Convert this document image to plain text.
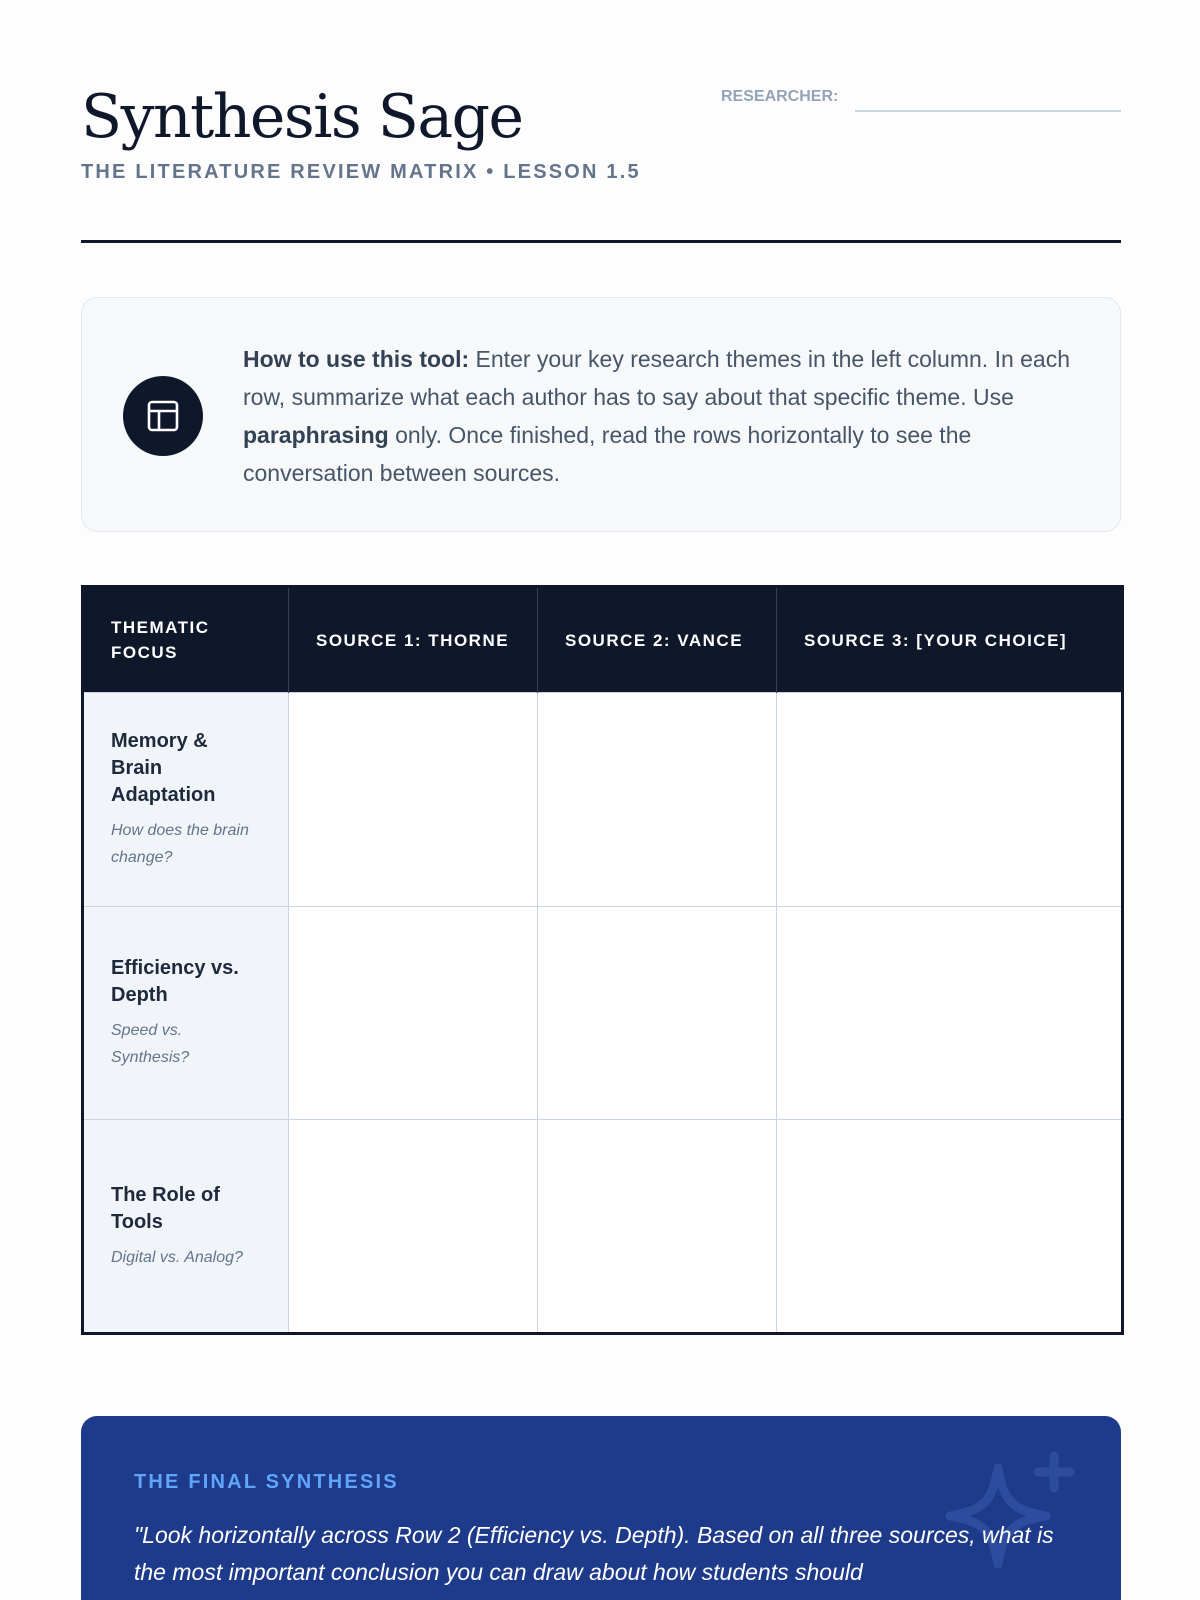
Synthesis Sage
THE LITERATURE REVIEW MATRIX • LESSON 1.5
RESEARCHER:

How to use this tool: Enter your key research themes in the left column. In each row, summarize what each author has to say about that specific theme. Use paraphrasing only. Once finished, read the rows horizontally to see the conversation between sources.

THEMATIC FOCUS	SOURCE 1: THORNE	SOURCE 2: VANCE	SOURCE 3: [YOUR CHOICE]

Memory & Brain Adaptation
How does the brain change?			

Efficiency vs. Depth
Speed vs. Synthesis?			

The Role of Tools
Digital vs. Analog?			

THE FINAL SYNTHESIS

"Look horizontally across Row 2 (Efficiency vs. Depth). Based on all three sources, what is the most important conclusion you can draw about how students should
